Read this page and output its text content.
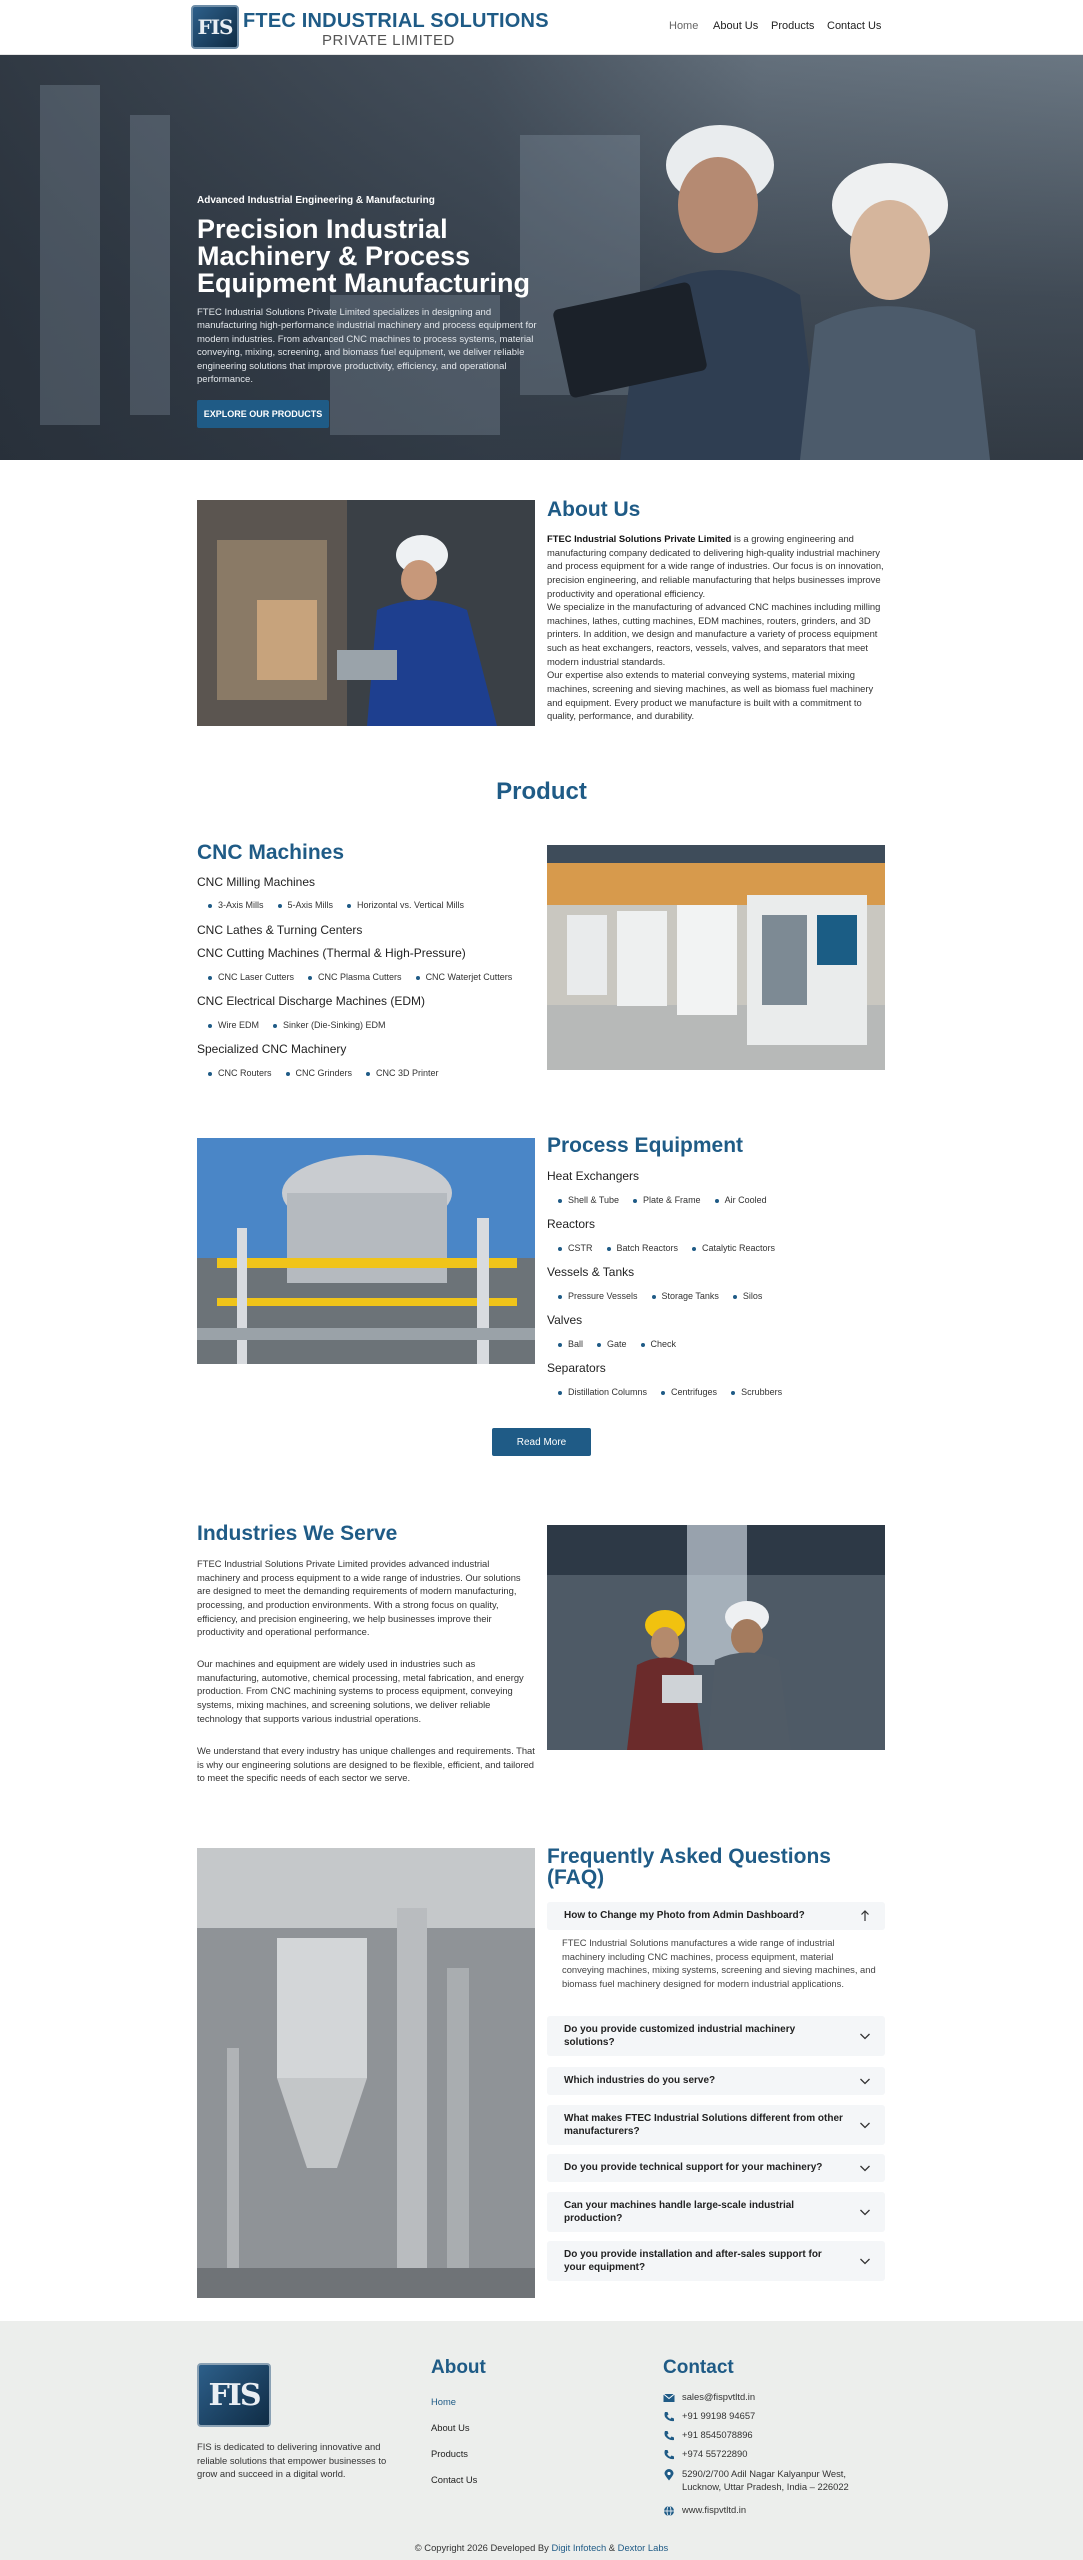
FIS FTEC INDUSTRIAL SOLUTIONS
PRIVATE LIMITED
Home About Us Products Contact Us
Advanced Industrial Engineering & Manufacturing
Precision Industrial Machinery & Process Equipment Manufacturing
FTEC Industrial Solutions Private Limited specializes in designing and manufacturing high-performance industrial machinery and process equipment for modern industries. From advanced CNC machines to process systems, material conveying, mixing, screening, and biomass fuel equipment, we deliver reliable engineering solutions that improve productivity, efficiency, and operational performance.
EXPLORE OUR PRODUCTS
About Us

FTEC Industrial Solutions Private Limited is a growing engineering and manufacturing company dedicated to delivering high-quality industrial machinery and process equipment for a wide range of industries. Our focus is on innovation, precision engineering, and reliable manufacturing that helps businesses improve productivity and operational efficiency.

We specialize in the manufacturing of advanced CNC machines including milling machines, lathes, cutting machines, EDM machines, routers, grinders, and 3D printers. In addition, we design and manufacture a variety of process equipment such as heat exchangers, reactors, vessels, valves, and separators that meet modern industrial standards.

Our expertise also extends to material conveying systems, material mixing machines, screening and sieving machines, as well as biomass fuel machinery and equipment. Every product we manufacture is built with a commitment to quality, performance, and durability.

Product
CNC Machines
CNC Milling Machines
3-Axis Mills	5-Axis Mills	Horizontal vs. Vertical Mills
CNC Lathes & Turning Centers
CNC Cutting Machines (Thermal & High-Pressure)
CNC Laser Cutters	CNC Plasma Cutters	CNC Waterjet Cutters
CNC Electrical Discharge Machines (EDM)
Wire EDM	Sinker (Die-Sinking) EDM
Specialized CNC Machinery
CNC Routers	CNC Grinders	CNC 3D Printer
Process Equipment
Heat Exchangers
Shell & Tube	Plate & Frame	Air Cooled
Reactors
CSTR	Batch Reactors	Catalytic Reactors
Vessels & Tanks
Pressure Vessels	Storage Tanks	Silos
Valves
Ball	Gate	Check
Separators
Distillation Columns	Centrifuges	Scrubbers
Read More
Industries We Serve
FTEC Industrial Solutions Private Limited provides advanced industrial machinery and process equipment to a wide range of industries. Our solutions are designed to meet the demanding requirements of modern manufacturing, processing, and production environments. With a strong focus on quality, efficiency, and precision engineering, we help businesses improve their productivity and operational performance.
Our machines and equipment are widely used in industries such as manufacturing, automotive, chemical processing, metal fabrication, and energy production. From CNC machining systems to process equipment, conveying systems, mixing machines, and screening solutions, we deliver reliable technology that supports various industrial operations.
We understand that every industry has unique challenges and requirements. That is why our engineering solutions are designed to be flexible, efficient, and tailored to meet the specific needs of each sector we serve.
Frequently Asked Questions (FAQ)
How to Change my Photo from Admin Dashboard?
FTEC Industrial Solutions manufactures a wide range of industrial machinery including CNC machines, process equipment, material conveying machines, mixing systems, screening and sieving machines, and biomass fuel machinery designed for modern industrial applications.
Do you provide customized industrial machinery solutions?
Which industries do you serve?
What makes FTEC Industrial Solutions different from other manufacturers?
Do you provide technical support for your machinery?
Can your machines handle large-scale industrial production?
Do you provide installation and after-sales support for your equipment?
FIS
FIS is dedicated to delivering innovative and reliable solutions that empower businesses to grow and succeed in a digital world.
About
Home
About Us
Products
Contact Us
Contact
sales@fispvtltd.in
+91 99198 94657
+91 8545078896
+974 55722890
5290/2/700 Adil Nagar Kalyanpur West,
Lucknow, Uttar Pradesh, India – 226022
www.fispvtltd.in
© Copyright 2026 Developed By Digit Infotech & Dextor Labs
